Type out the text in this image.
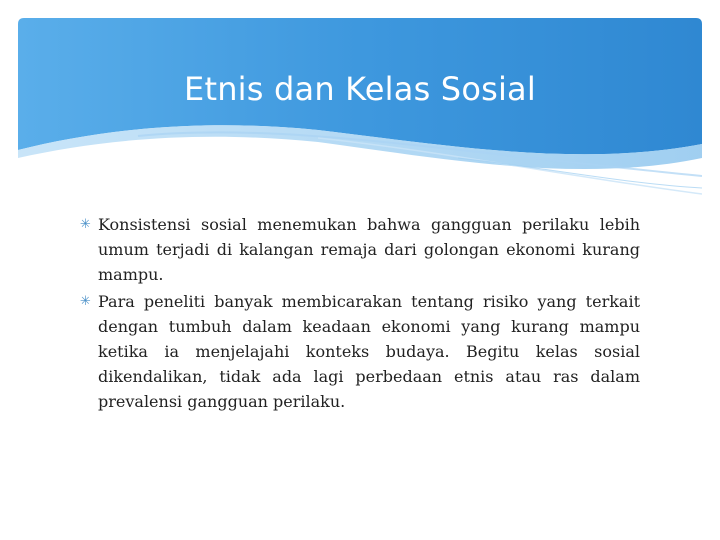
Etnis dan Kelas Sosial
✳ Konsistensi sosial menemukan bahwa gangguan perilaku lebih umum terjadi di kalangan remaja dari golongan ekonomi kurang mampu.
✳ Para peneliti banyak membicarakan tentang risiko yang terkait dengan tumbuh dalam keadaan ekonomi yang kurang mampu ketika ia menjelajahi konteks budaya. Begitu kelas sosial dikendalikan, tidak ada lagi perbedaan etnis atau ras dalam prevalensi gangguan perilaku.
